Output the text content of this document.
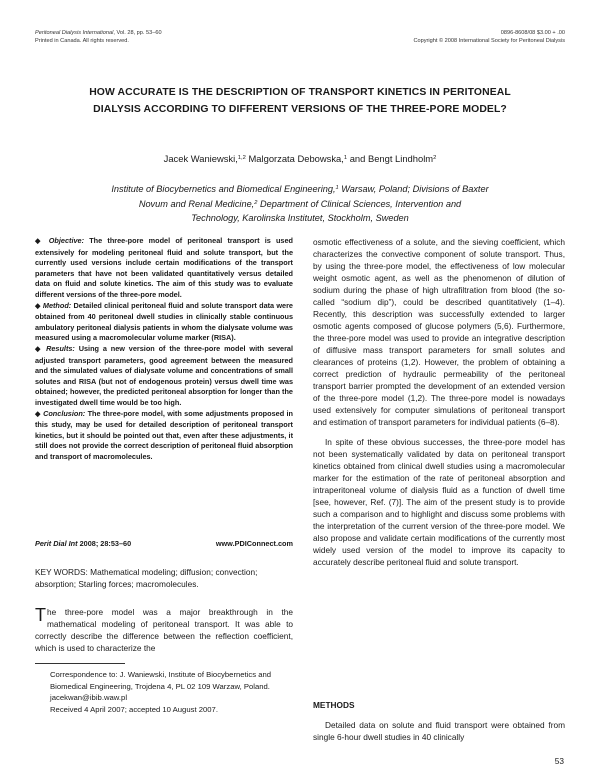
Peritoneal Dialysis International, Vol. 28, pp. 53–60
Printed in Canada. All rights reserved.
0896-8608/08 $3.00 + .00
Copyright © 2008 International Society for Peritoneal Dialysis
HOW ACCURATE IS THE DESCRIPTION OF TRANSPORT KINETICS IN PERITONEAL
DIALYSIS ACCORDING TO DIFFERENT VERSIONS OF THE THREE-PORE MODEL?
Jacek Waniewski,$^{1,2}$ Malgorzata Debowska,$^1$ and Bengt Lindholm$^2$
Institute of Biocybernetics and Biomedical Engineering,$^1$ Warsaw, Poland; Divisions of Baxter
Novum and Renal Medicine,$^2$ Department of Clinical Sciences, Intervention and
Technology, Karolinska Institutet, Stockholm, Sweden

◆ Objective: The three-pore model of peritoneal transport is used extensively for modeling peritoneal fluid and solute transport, but the currently used versions include certain modifications of the transport parameters that have not been validated quantitatively versus detailed data on fluid and solute kinetics. The aim of this study was to evaluate different versions of the three-pore model.

◆ Method: Detailed clinical peritoneal fluid and solute transport data were obtained from 40 peritoneal dwell studies in clinically stable continuous ambulatory peritoneal dialysis patients in whom the dialysate volume was measured using a macromolecular volume marker (RISA).

◆ Results: Using a new version of the three-pore model with several adjusted transport parameters, good agreement between the measured and the simulated values of dialysate volume and concentrations of small solutes and RISA (but not of endogenous protein) versus dwell time was obtained; however, the predicted peritoneal absorption for longer than the investigated dwell time would be too high.

◆ Conclusion: The three-pore model, with some adjustments proposed in this study, may be used for detailed description of peritoneal transport kinetics, but it should be pointed out that, even after these adjustments, it still does not provide the correct description of peritoneal fluid absorption and transport of macromolecules.

Perit Dial Int 2008; 28:53–60	www.PDIConnect.com
KEY WORDS: Mathematical modeling; diffusion; convection; absorption; Starling forces; macromolecules.
The three-pore model was a major breakthrough in the mathematical modeling of peritoneal transport. It was able to correctly describe the difference between the reflection coefficient, which is used to characterize the

Correspondence to: J. Waniewski, Institute of Biocybernetics and Biomedical Engineering, Trojdena 4, PL 02 109 Warzaw, Poland.

jacekwan@ibib.waw.pl

Received 4 April 2007; accepted 10 August 2007.

osmotic effectiveness of a solute, and the sieving coefficient, which characterizes the convective component of solute transport. Thus, by using the three-pore model, the effectiveness of low molecular weight osmotic agent, as well as the phenomenon of dilution of sodium during the phase of high ultrafiltration from blood (the so-called “sodium dip”), could be described quantitatively (1–4). Recently, this description was successfully extended to larger osmotic agents composed of glucose polymers (5,6). Furthermore, the three-pore model was used to provide an integrative description of diffusive mass transport parameters for small solutes and clearances of proteins (1,2). However, the problem of obtaining a correct prediction of hydraulic permeability of the peritoneal transport barrier prompted the development of an extended version of the three-pore model (1,2). The three-pore model is nowadays used extensively for computer simulations of peritoneal transport and estimation of transport parameters for individual patients (6–8).

In spite of these obvious successes, the three-pore model has not been systematically validated by data on peritoneal transport kinetics obtained from clinical dwell studies using a macromolecular marker for the estimation of the rate of peritoneal absorption and intraperitoneal volume of dialysis fluid as a function of dwell time [see, however, Ref. (7)]. The aim of the present study is to provide such a comparison and to highlight and discuss some problems with the interpretation of the current version of the three-pore model. We also propose and validate certain modifications of the currently most widely used version of the model to improve its capacity to accurately describe peritoneal fluid and solute transport.

METHODS

Detailed data on solute and fluid transport were obtained from single 6-hour dwell studies in 40 clinically

53
